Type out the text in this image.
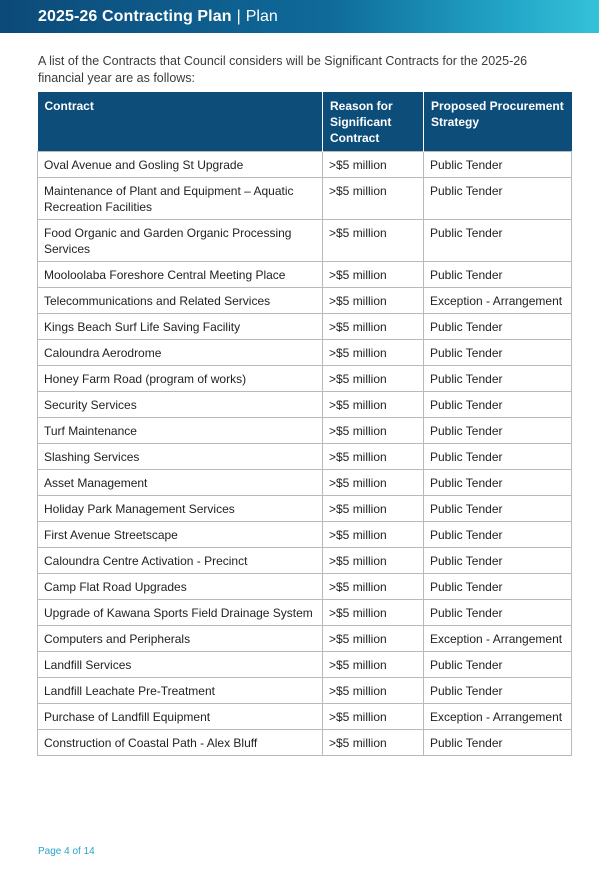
2025-26 Contracting Plan | Plan

A list of the Contracts that Council considers will be Significant Contracts for the 2025-26 financial year are as follows:

Contract	Reason for Significant Contract	Proposed Procurement Strategy
Oval Avenue and Gosling St Upgrade	>$5 million	Public Tender
Maintenance of Plant and Equipment – Aquatic Recreation Facilities	>$5 million	Public Tender
Food Organic and Garden Organic Processing Services	>$5 million	Public Tender
Mooloolaba Foreshore Central Meeting Place	>$5 million	Public Tender
Telecommunications and Related Services	>$5 million	Exception - Arrangement
Kings Beach Surf Life Saving Facility	>$5 million	Public Tender
Caloundra Aerodrome	>$5 million	Public Tender
Honey Farm Road (program of works)	>$5 million	Public Tender
Security Services	>$5 million	Public Tender
Turf Maintenance	>$5 million	Public Tender
Slashing Services	>$5 million	Public Tender
Asset Management	>$5 million	Public Tender
Holiday Park Management Services	>$5 million	Public Tender
First Avenue Streetscape	>$5 million	Public Tender
Caloundra Centre Activation - Precinct	>$5 million	Public Tender
Camp Flat Road Upgrades	>$5 million	Public Tender
Upgrade of Kawana Sports Field Drainage System	>$5 million	Public Tender
Computers and Peripherals	>$5 million	Exception - Arrangement
Landfill Services	>$5 million	Public Tender
Landfill Leachate Pre-Treatment	>$5 million	Public Tender
Purchase of Landfill Equipment	>$5 million	Exception - Arrangement
Construction of Coastal Path - Alex Bluff	>$5 million	Public Tender
Page 4 of 14
